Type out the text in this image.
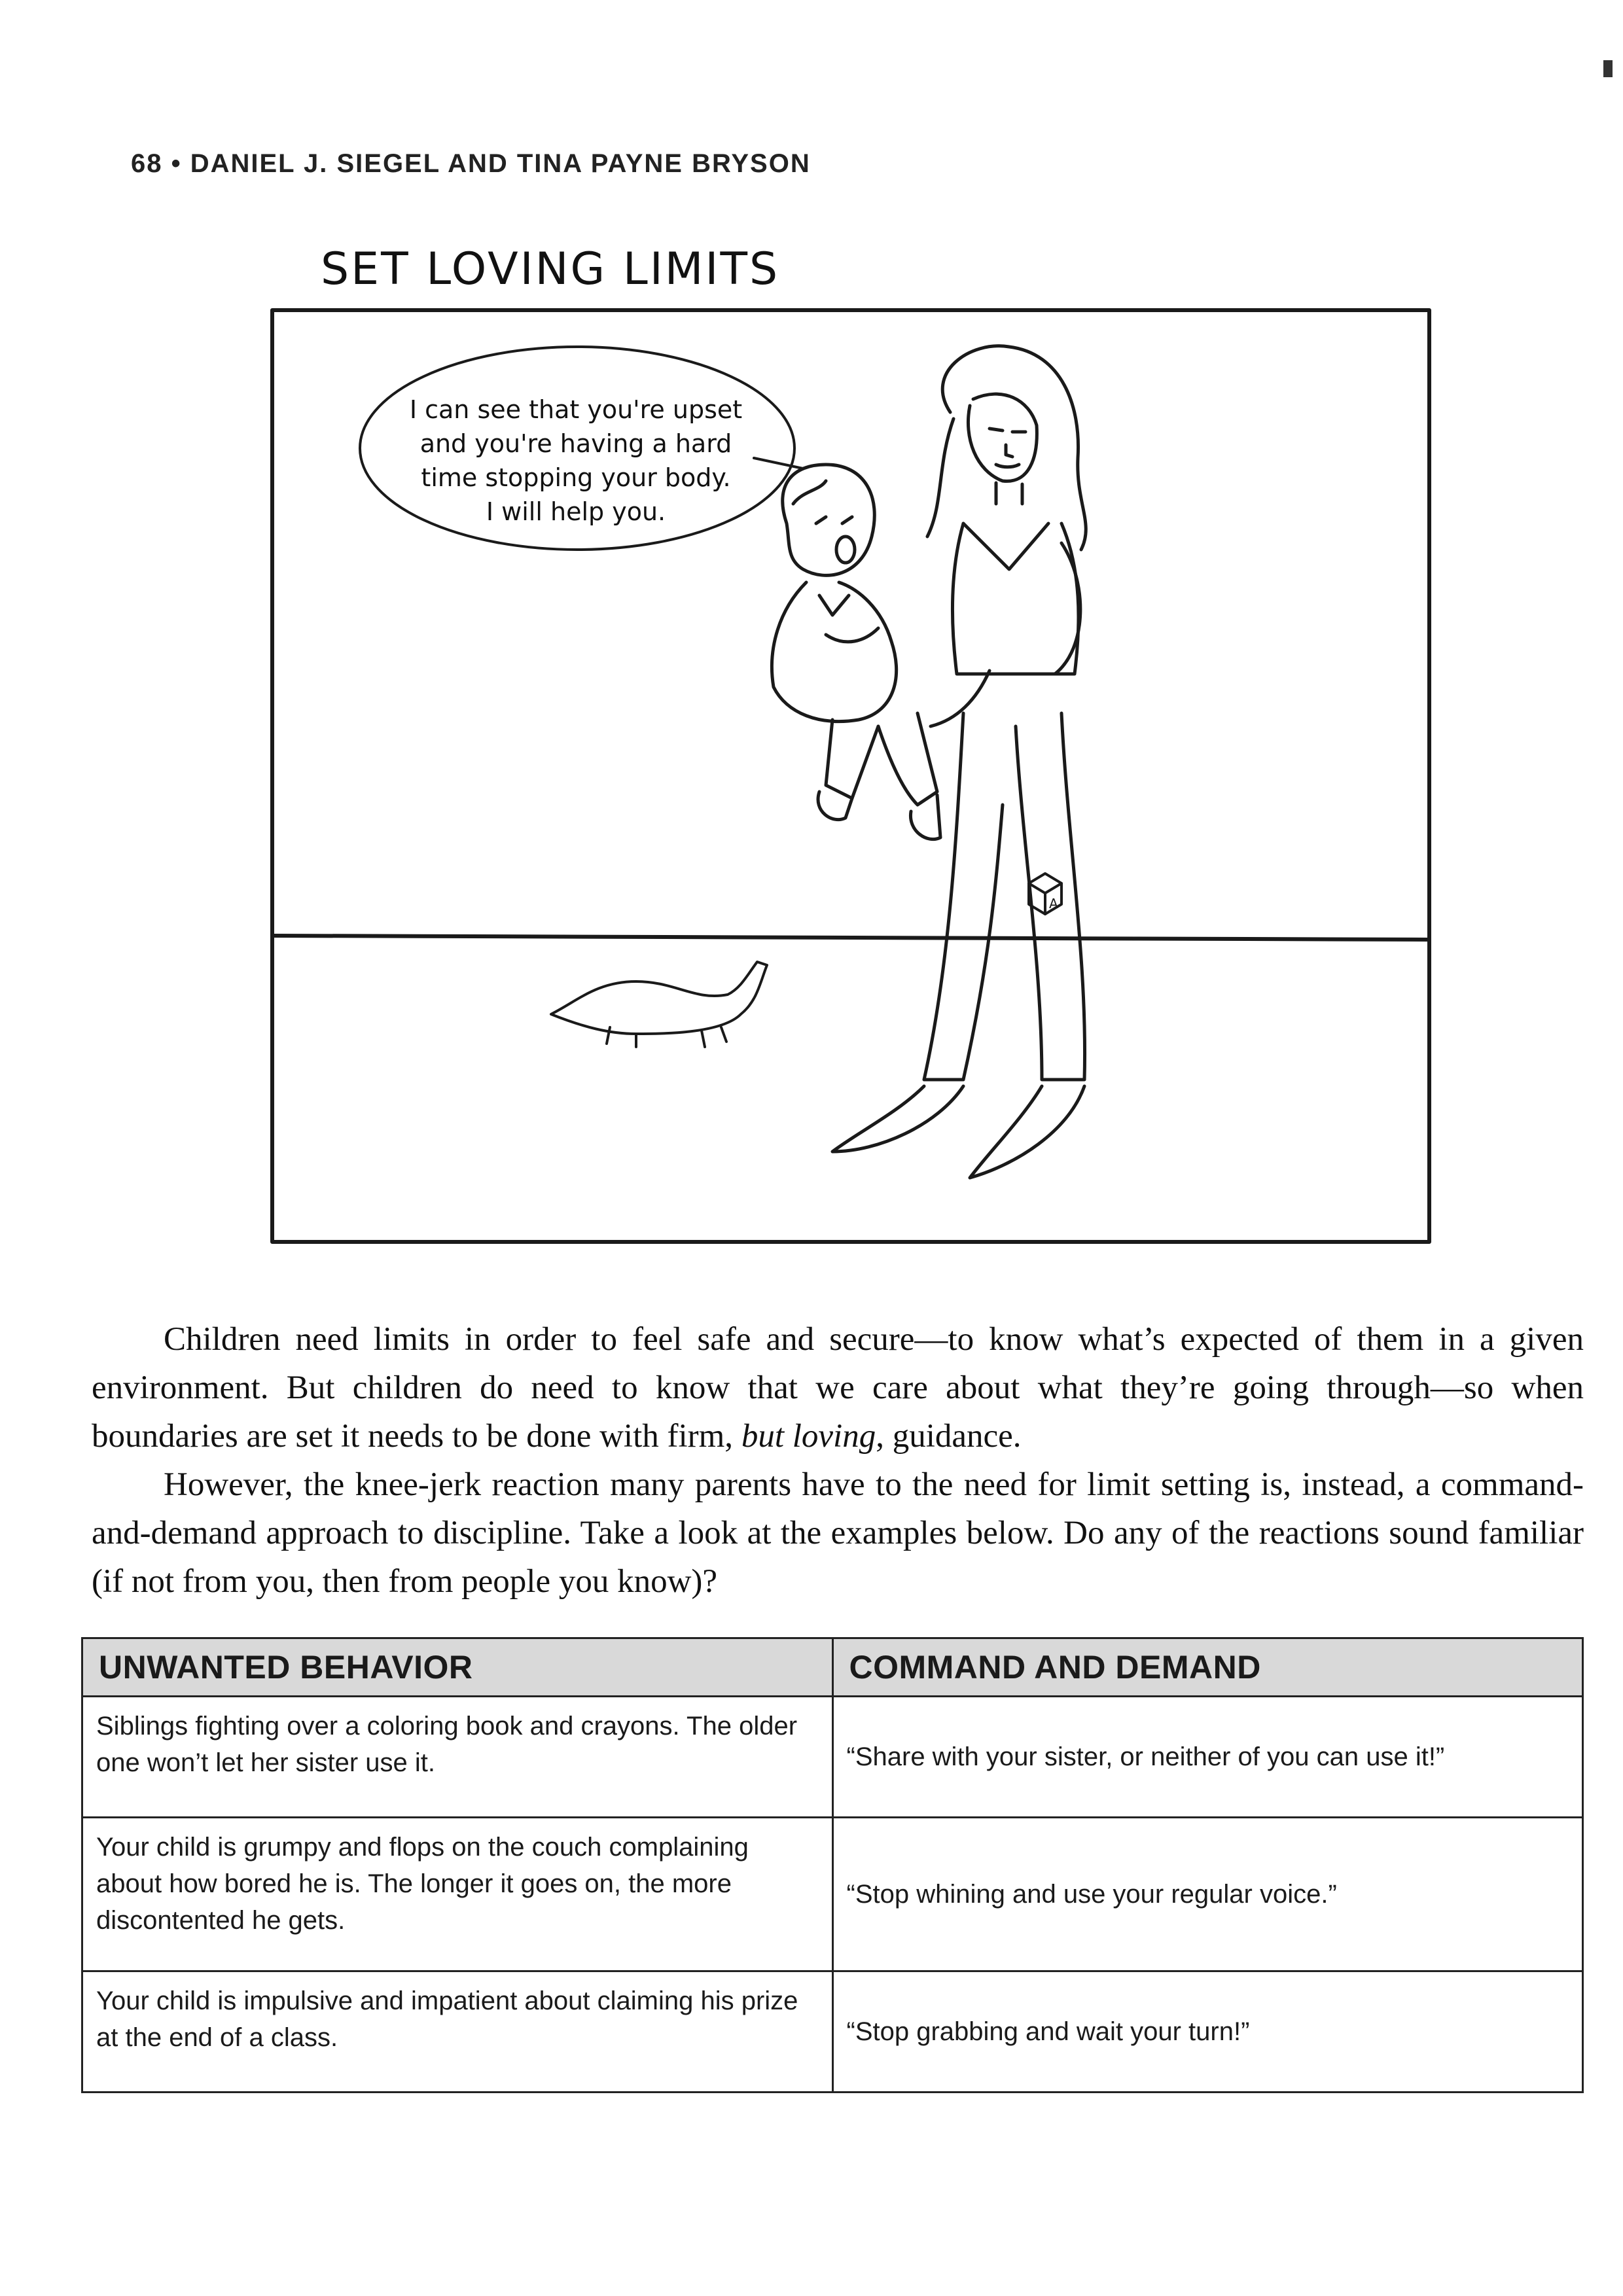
68 • DANIEL J. SIEGEL AND TINA PAYNE BRYSON
SET LOVING LIMITS
A
I can see that you're upset
and you're having a hard
time stopping your body.
I will help you.

Children need limits in order to feel safe and secure—to know what’s expected of them in a given environment. But children do need to know that we care about what they’re going through—so when boundaries are set it needs to be done with firm, but loving, guidance.

However, the knee-jerk reaction many parents have to the need for limit setting is, instead, a command-and-demand approach to discipline. Take a look at the examples below. Do any of the reactions sound familiar (if not from you, then from people you know)?

UNWANTED BEHAVIOR	COMMAND AND DEMAND
Siblings fighting over a coloring book and crayons. The older one won’t let her sister use it.	“Share with your sister, or neither of you can use it!”
Your child is grumpy and flops on the couch complaining about how bored he is. The longer it goes on, the more discontented he gets.	“Stop whining and use your regular voice.”
Your child is impulsive and impatient about claiming his prize at the end of a class.	“Stop grabbing and wait your turn!”
